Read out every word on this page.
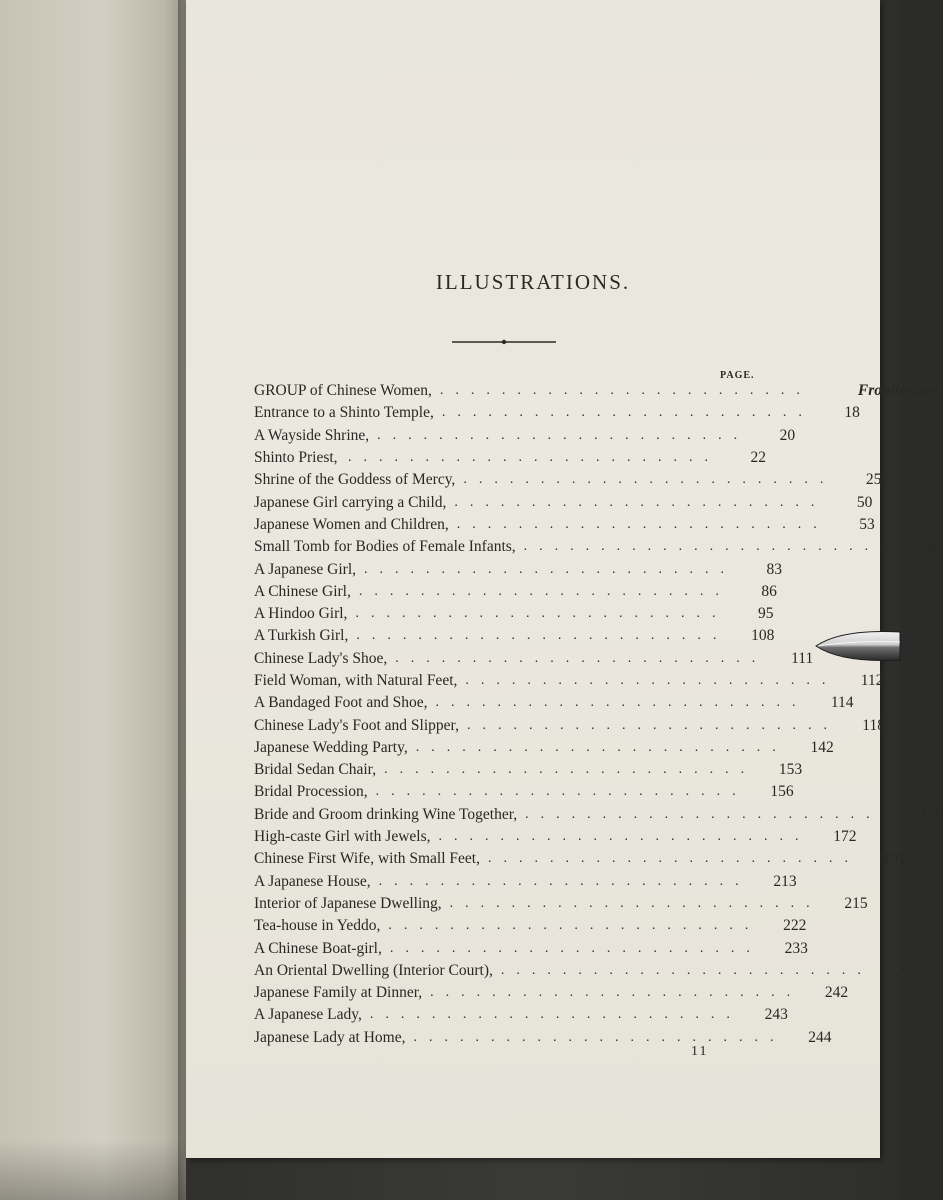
ILLUSTRATIONS.
PAGE.
GROUP of Chinese Women, ........................	Frontispiece.
Entrance to a Shinto Temple, ........................	18
A Wayside Shrine, ........................	20
Shinto Priest, ........................	22
Shrine of the Goddess of Mercy, ........................	25
Japanese Girl carrying a Child, ........................	50
Japanese Women and Children, ........................	53
Small Tomb for Bodies of Female Infants, ........................	80
A Japanese Girl, ........................	83
A Chinese Girl, ........................	86
A Hindoo Girl, ........................	95
A Turkish Girl, ........................	108
Chinese Lady's Shoe, ........................	111
Field Woman, with Natural Feet, ........................	112
A Bandaged Foot and Shoe, ........................	114
Chinese Lady's Foot and Slipper, ........................	118
Japanese Wedding Party, ........................	142
Bridal Sedan Chair, ........................	153
Bridal Procession, ........................	156
Bride and Groom drinking Wine Together, ........................	160
High-caste Girl with Jewels, ........................	172
Chinese First Wife, with Small Feet, ........................	195
A Japanese House, ........................	213
Interior of Japanese Dwelling, ........................	215
Tea-house in Yeddo, ........................	222
A Chinese Boat-girl, ........................	233
An Oriental Dwelling (Interior Court), ........................	237
Japanese Family at Dinner, ........................	242
A Japanese Lady, ........................	243
Japanese Lady at Home, ........................	244
11
